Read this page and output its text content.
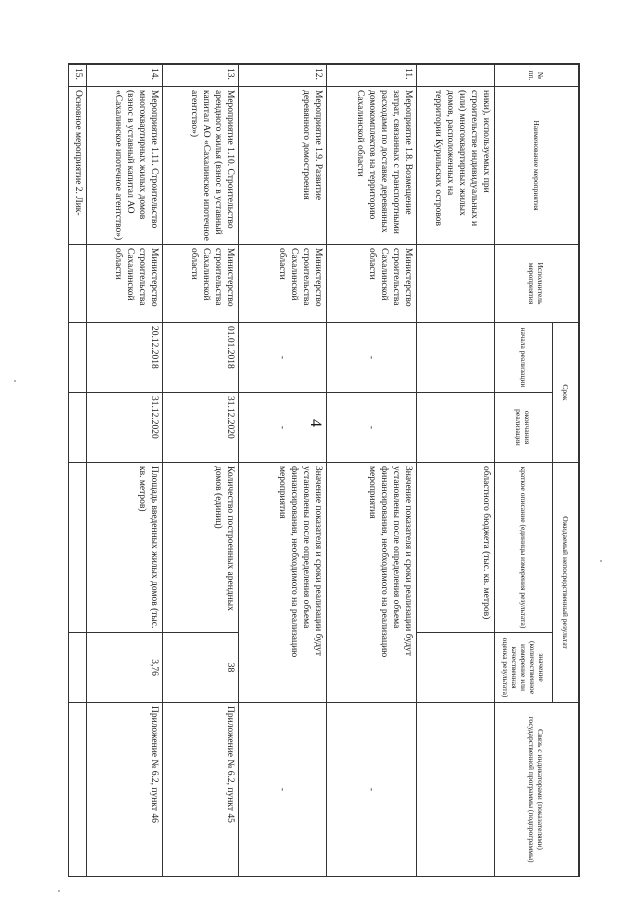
4
№ пп.	Наименование мероприятия	Исполнитель мероприятия	Срок		Ожидаемый непосредственный результат		Связь с индикаторами (показателями) государственной программы (подпрограммы)
			начала реализации	окончания реализации	краткое описание (единицы измерения результата)	значение (количественное измерение или качественная оценка результата)	
	ники), используемых при строительстве индивидуальных и (или) многоквартирных жилых домов, расположенных на территории Курильских островов				областного бюджета (тыс. кв. метров)		
11.	Мероприятие 1.8. Возмещение затрат, связанных с транспортными расходами по доставке деревянных домокомплектов на территорию Сахалинской области	Министерство строительства Сахалинской области	-	-	Значение показателя и сроки реализации будут установлены после определения объема финансирования, необходимого на реализацию мероприятия		-
12.	Мероприятие 1.9. Развитие деревянного домостроения	Министерство строительства Сахалинской области	-	-	Значение показателя и сроки реализации будут установлены после определения объема финансирования, необходимого на реализацию мероприятия		-
13.	Мероприятие 1.10. Строительство арендного жилья (взнос в уставный капитал АО «Сахалинское ипотечное агентство»)	Министерство строительства Сахалинской области	01.01.2018	31.12.2020	Количество построенных арендных домов (единиц)	38	Приложение № 6.2, пункт 45
14.	Мероприятие 1.11. Строительство многоквартирных жилых домов (взнос в уставный капитал АО «Сахалинское ипотечное агентство»)	Министерство строительства Сахалинской области	20.12.2018	31.12.2020	Площадь введенных жилых домов (тыс. кв. метров)	3,76	Приложение № 6.2, пункт 46
15.	Основное мероприятие 2. Лик-						
